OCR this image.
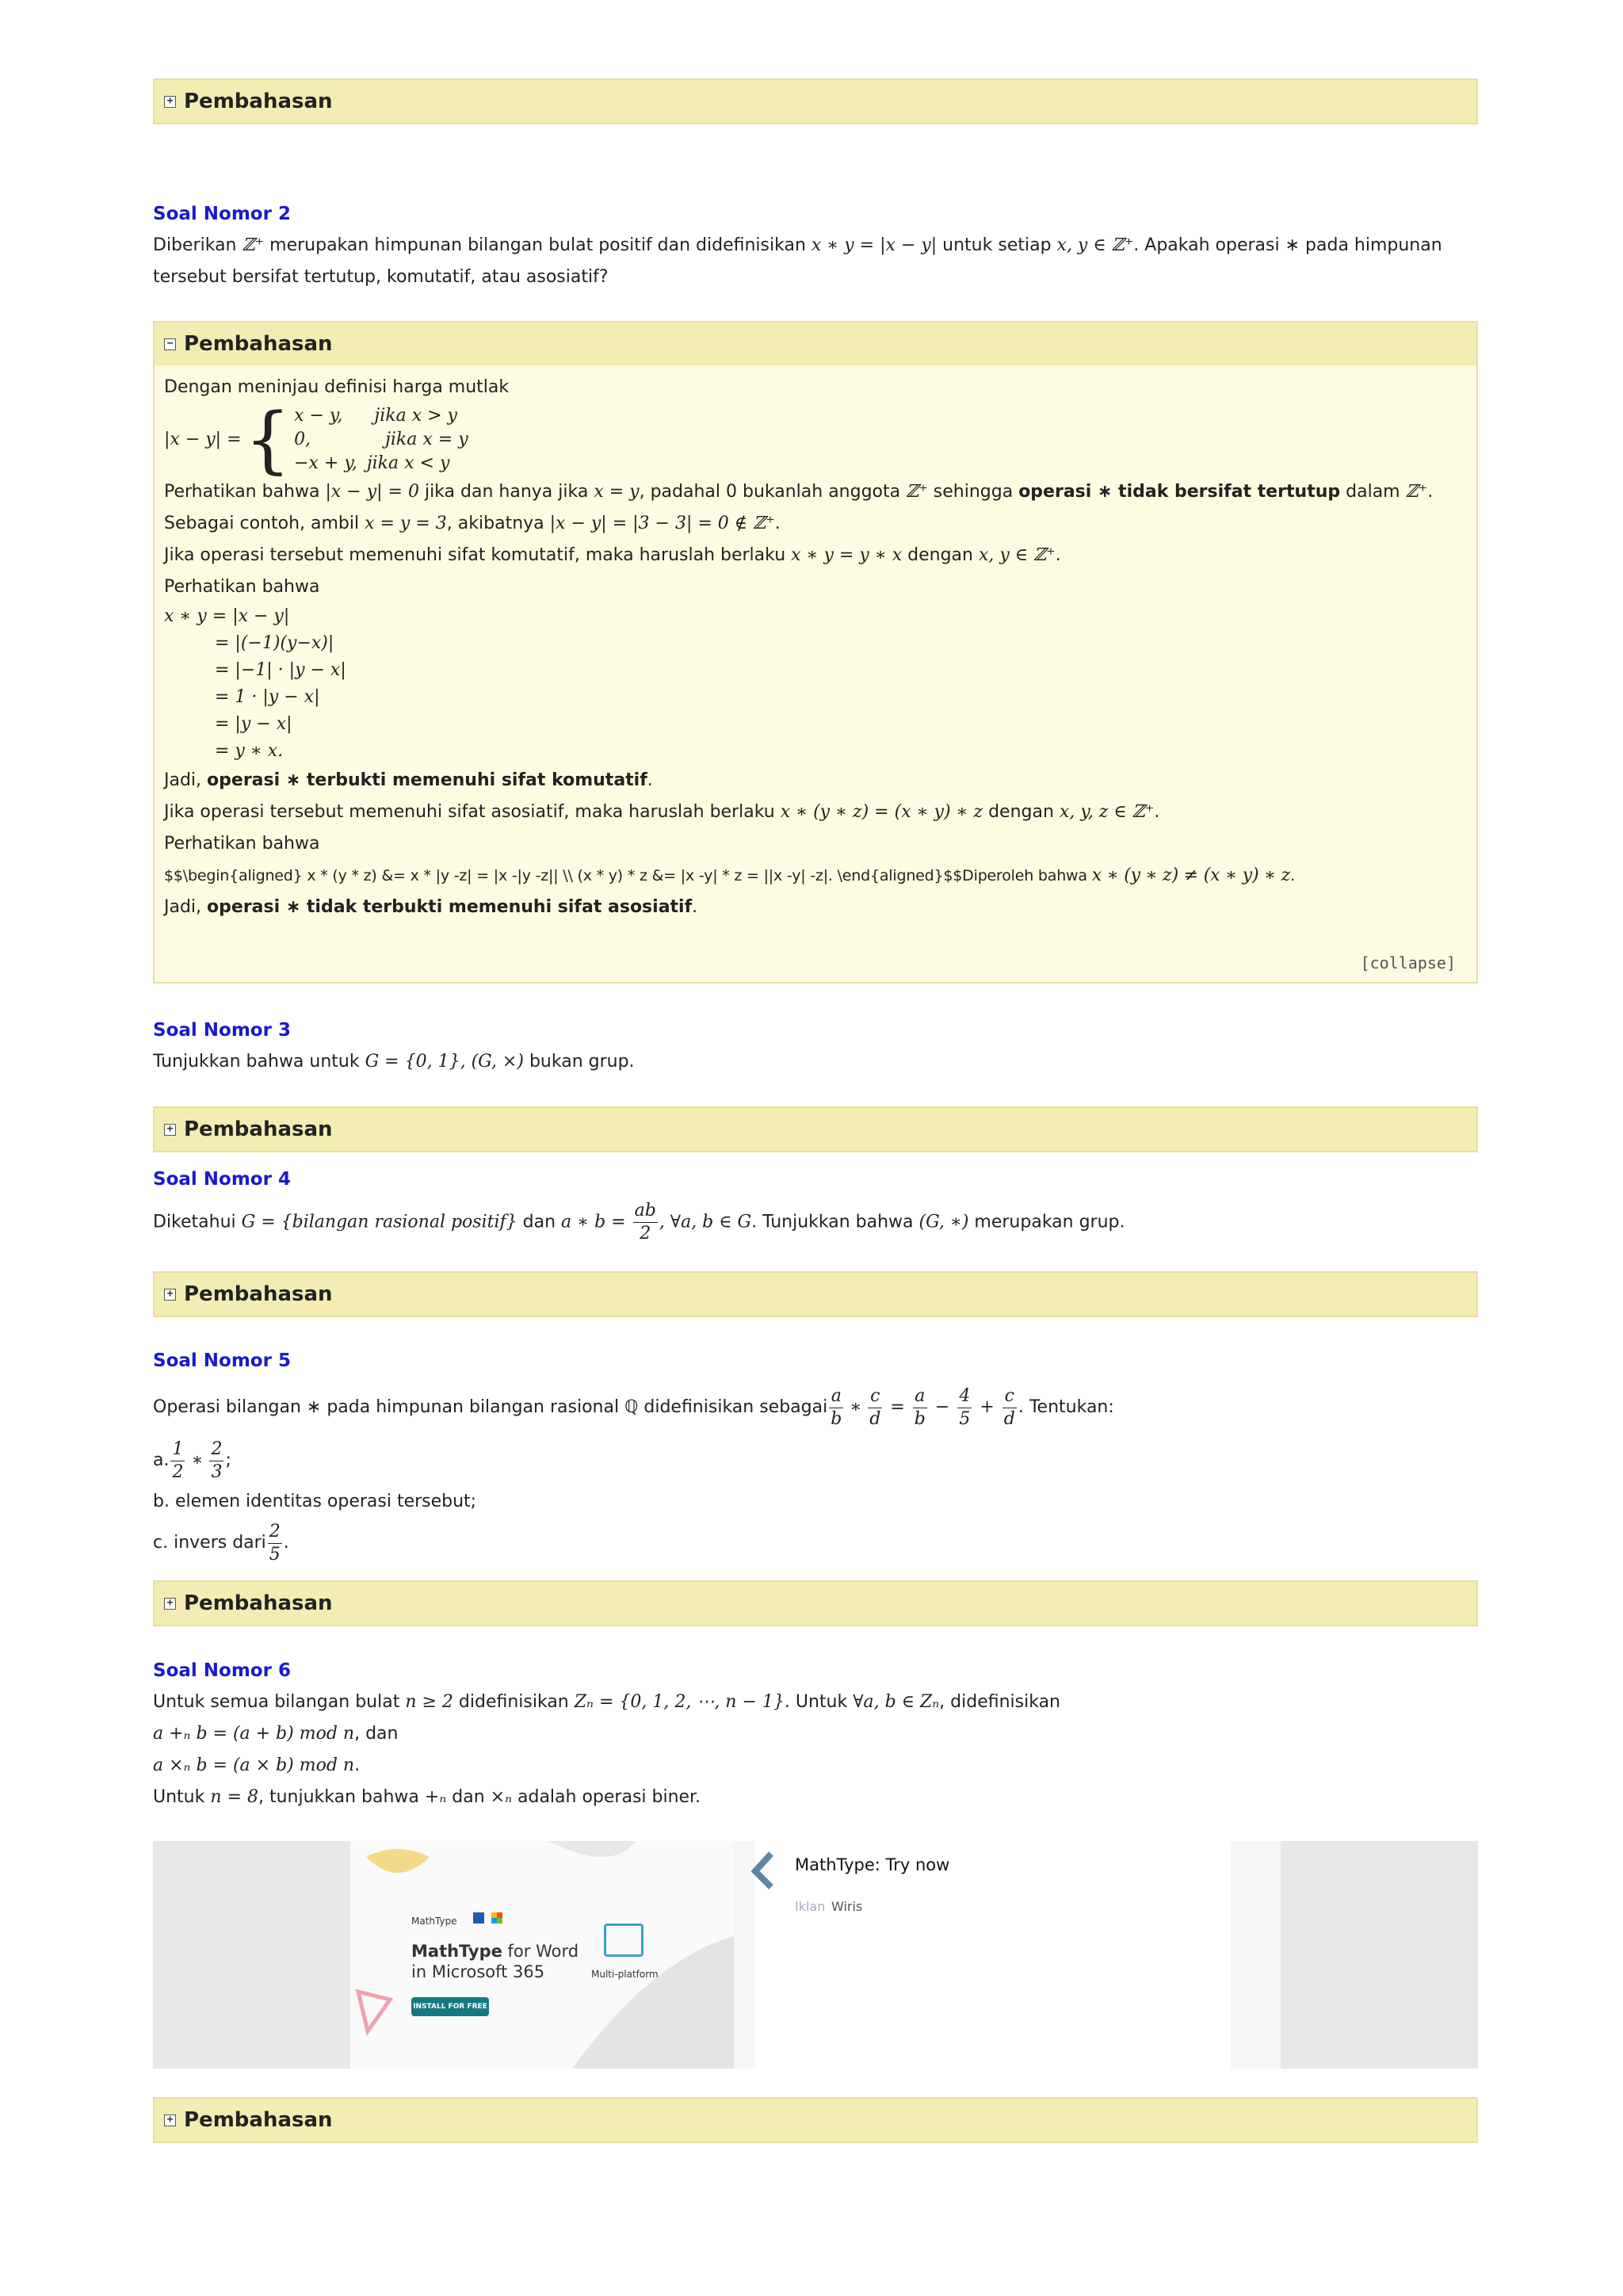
+ Pembahasan
Soal Nomor 2
Diberikan ℤ⁺ merupakan himpunan bilangan bulat positif dan didefinisikan x ∗ y = |x − y| untuk setiap x, y ∈ ℤ⁺. Apakah operasi ∗ pada himpunan tersebut bersifat tertutup, komutatif, atau asosiatif?
− Pembahasan
Dengan meninjau definisi harga mutlak
|x − y| = { x − y, jika x > y
0,	jika x = y
−x + y, jika x < y
Perhatikan bahwa |x − y| = 0 jika dan hanya jika x = y, padahal 0 bukanlah anggota ℤ⁺ sehingga operasi ∗ tidak bersifat tertutup dalam ℤ⁺. Sebagai contoh, ambil x = y = 3, akibatnya |x − y| = |3 − 3| = 0 ∉ ℤ⁺.
Jika operasi tersebut memenuhi sifat komutatif, maka haruslah berlaku x ∗ y = y ∗ x dengan x, y ∈ ℤ⁺.
Perhatikan bahwa
x ∗ y = |x − y|
= |(−1)(y−x)|
= |−1| · |y − x|
= 1 · |y − x|
= |y − x|
= y ∗ x.
Jadi, operasi ∗ terbukti memenuhi sifat komutatif.
Jika operasi tersebut memenuhi sifat asosiatif, maka haruslah berlaku x ∗ (y ∗ z) = (x ∗ y) ∗ z dengan x, y, z ∈ ℤ⁺.
Perhatikan bahwa
$$\begin{aligned} x * (y * z) &= x * |y -z| = |x -|y -z|| \\ (x * y) * z &= |x -y| * z = ||x -y| -z|. \end{aligned}$$Diperoleh bahwa x ∗ (y ∗ z) ≠ (x ∗ y) ∗ z.
Jadi, operasi ∗ tidak terbukti memenuhi sifat asosiatif.
[collapse]
Soal Nomor 3
Tunjukkan bahwa untuk G = {0, 1}, (G, ×) bukan grup.
+ Pembahasan
Soal Nomor 4
Diketahui G = {bilangan rasional positif} dan a ∗ $b = \frac{ab}{2}$ , ∀a, b ∈ G. Tunjukkan bahwa (G, ∗) merupakan grup.
+ Pembahasan
Soal Nomor 5
Operasi bilangan ∗ pada himpunan bilangan rasional ℚ didefinisikan sebagai $\frac{a}{b}$ ∗ $\frac{c}{d} = \frac{a}{b} - \frac{4}{5} + \frac{c}{d}$ . Tentukan:
a. $\frac{1}{2}$ ∗ $\frac{2}{3}$ ;
b. elemen identitas operasi tersebut;
c. invers dari $\frac{2}{5}$ .
+ Pembahasan
Soal Nomor 6
Untuk semua bilangan bulat n ≥ 2 didefinisikan Zₙ = {0, 1, 2, ⋯, n − 1}. Untuk ∀a, b ∈ Zₙ, didefinisikan
a +ₙ b = (a + b) mod n, dan
a ×ₙ b = (a × b) mod n.
Untuk n = 8, tunjukkan bahwa +ₙ dan ×ₙ adalah operasi biner.
MathType
MathType for Word
in Microsoft 365	Multi-platform
INSTALL FOR FREE
MathType: Try now
Iklan Wiris
+ Pembahasan
